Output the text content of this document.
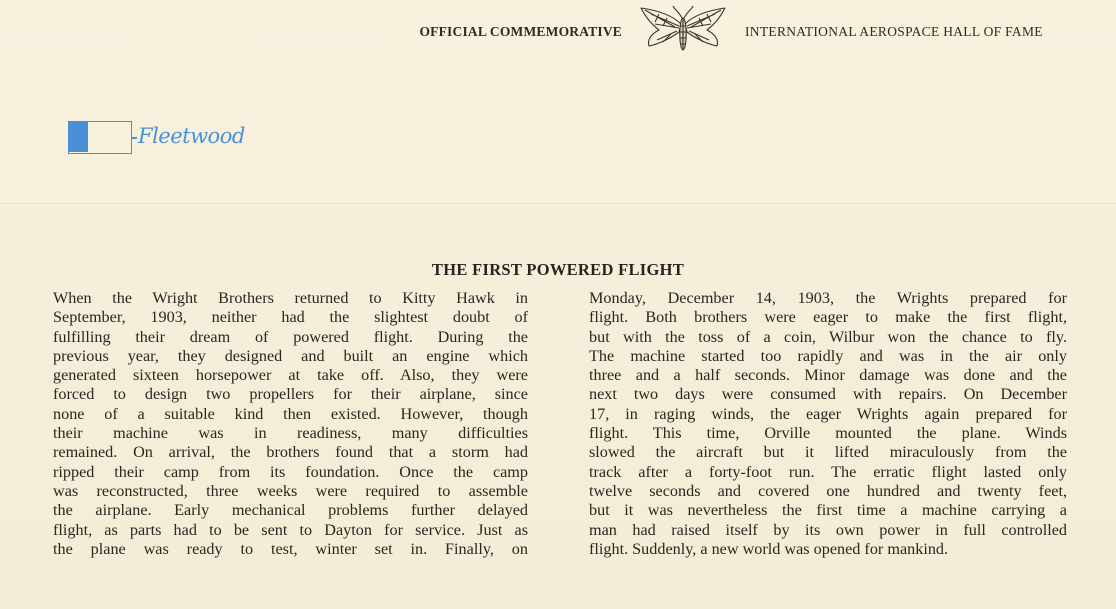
OFFICIAL COMMEMORATIVE	INTERNATIONAL AEROSPACE HALL OF FAME
Fleetwood
THE FIRST POWERED FLIGHT
When the Wright Brothers returned to Kitty Hawk in
September, 1903, neither had the slightest doubt of
fulfilling their dream of powered flight. During the
previous year, they designed and built an engine which
generated sixteen horsepower at take off. Also, they were
forced to design two propellers for their airplane, since
none of a suitable kind then existed. However, though
their machine was in readiness, many difficulties
remained. On arrival, the brothers found that a storm had
ripped their camp from its foundation. Once the camp
was reconstructed, three weeks were required to assemble
the airplane. Early mechanical problems further delayed
flight, as parts had to be sent to Dayton for service. Just as
the plane was ready to test, winter set in. Finally, on
Monday, December 14, 1903, the Wrights prepared for
flight. Both brothers were eager to make the first flight,
but with the toss of a coin, Wilbur won the chance to fly.
The machine started too rapidly and was in the air only
three and a half seconds. Minor damage was done and the
next two days were consumed with repairs. On December
17, in raging winds, the eager Wrights again prepared for
flight. This time, Orville mounted the plane. Winds
slowed the aircraft but it lifted miraculously from the
track after a forty-foot run. The erratic flight lasted only
twelve seconds and covered one hundred and twenty feet,
but it was nevertheless the first time a machine carrying a
man had raised itself by its own power in full controlled
flight. Suddenly, a new world was opened for mankind.
